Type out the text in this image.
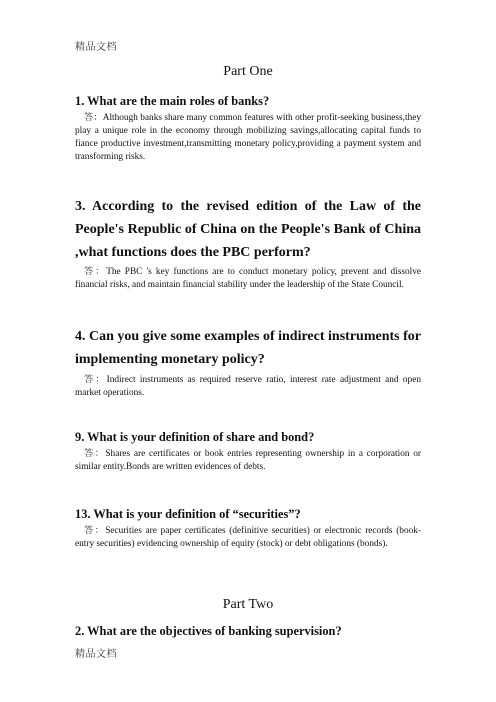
精品文档
Part One
1. What are the main roles of banks?
答：Although banks share many common features with other profit-seeking business,they play a unique role in the economy through mobilizing savings,allocating capital funds to fiance productive investment,transmitting monetary policy,providing a payment system and transforming risks.
3. According to the revised edition of the Law of the People's Republic of China on the People's Bank of China ,what functions does the PBC perform?
答：The PBC 's key functions are to conduct monetary policy, prevent and dissolve financial risks, and maintain financial stability under the leadership of the State Council.
4. Can you give some examples of indirect instruments for implementing monetary policy?
答：Indirect instruments as required reserve ratio, interest rate adjustment and open market operations.
9. What is your definition of share and bond?
答：Shares are certificates or book entries representing ownership in a corporation or similar entity.Bonds are written evidences of debts.
13. What is your definition of “securities”?
答：Securities are paper certificates (definitive securities) or electronic records (book-entry securities) evidencing ownership of equity (stock) or debt obligations (bonds).
Part Two
2. What are the objectives of banking supervision?
精品文档
